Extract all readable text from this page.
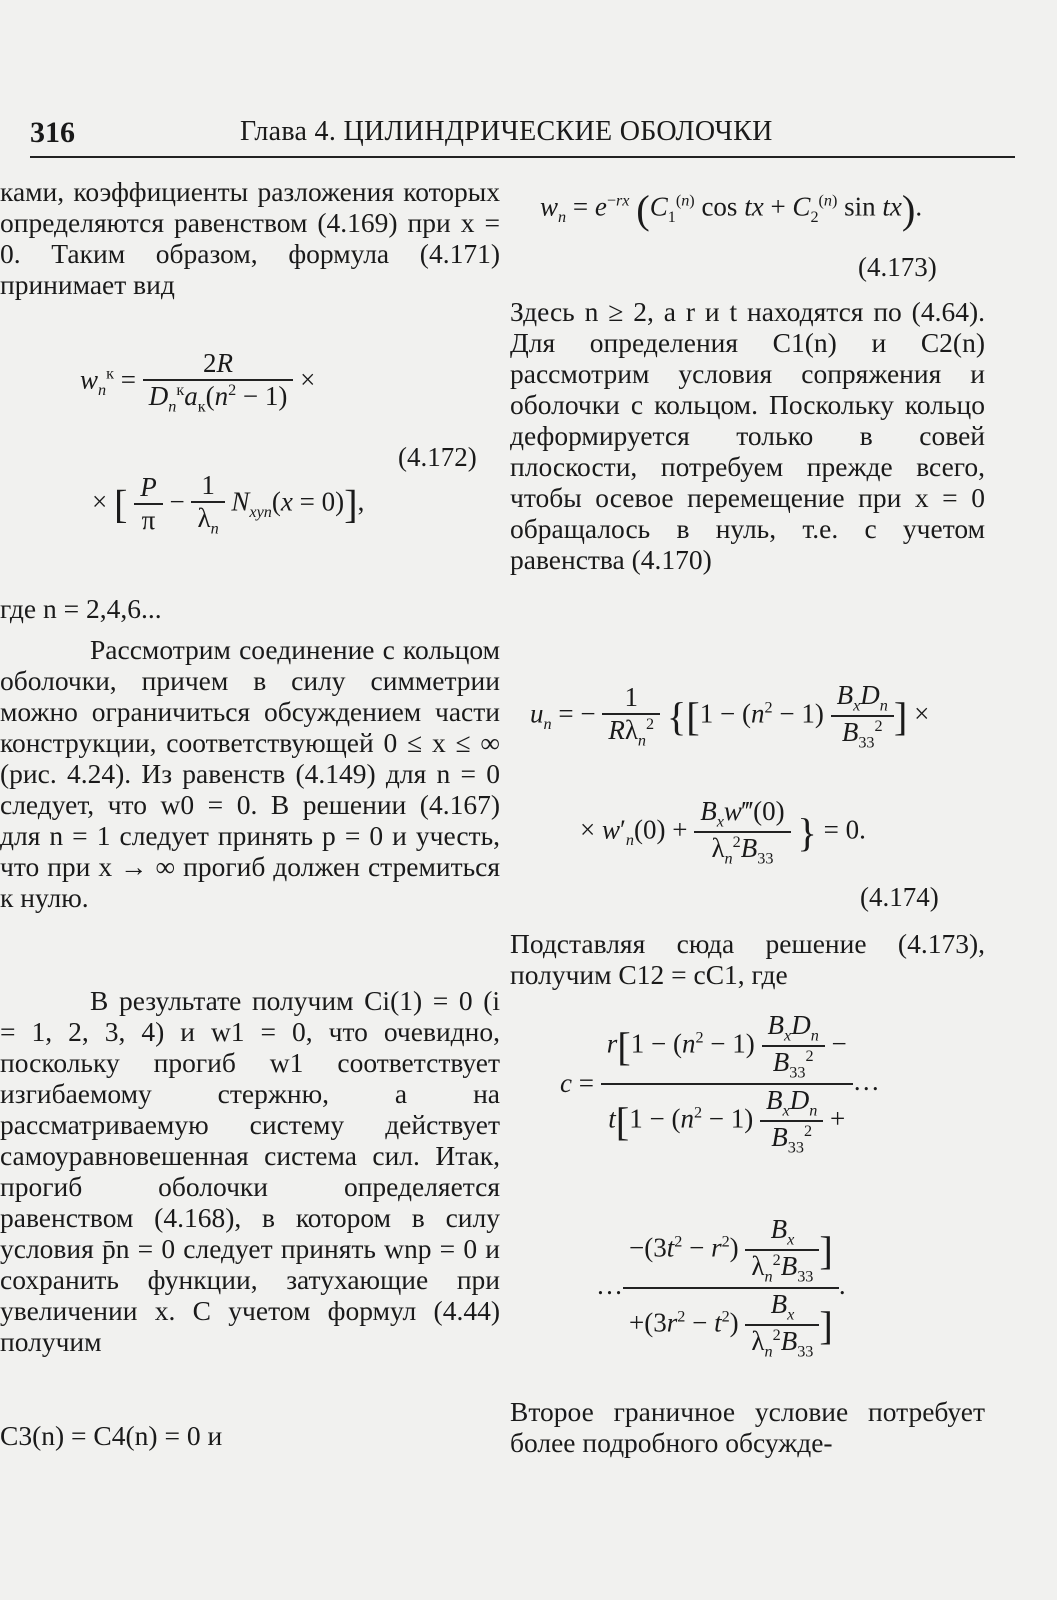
316	Глава 4. ЦИЛИНДРИЧЕСКИЕ ОБОЛОЧКИ

ками, коэффициенты разложения которых определяются равенством (4.169) при x = 0. Таким образом, формула (4.171) принимает вид

$w_n^к = \frac{2R}{D_n^кa_к(n^2 - 1)}$ ×
× [ $\frac{P}{\pi} - \frac{1}{\lambda_n} N_{xyn}(x = 0)$],
(4.172)

где n = 2,4,6...

Рассмотрим соединение с кольцом оболочки, причем в силу симметрии можно ограничиться обсуждением части конструкции, соответствующей 0 ≤ x ≤ ∞ (рис. 4.24). Из равенств (4.149) для n = 0 следует, что w0 = 0. В решении (4.167) для n = 1 следует принять p = 0 и учесть, что при x → ∞ прогиб должен стремиться к нулю.

В результате получим Ci(1) = 0 (i = 1, 2, 3, 4) и w1 = 0, что очевидно, поскольку прогиб w1 соответствует изгибаемому стержню, а на рассматриваемую систему действует самоуравновешенная система сил. Итак, прогиб оболочки определяется равенством (4.168), в котором в силу условия p̄n = 0 следует принять wnp = 0 и сохранить функции, затухающие при увеличении x. С учетом формул (4.44) получим

C3(n) = C4(n) = 0 и

$w_n = e^{-rx}$ ($C_1^{(n)}$ cos tx + $C_2^{(n)}$ sin tx).
(4.173)

Здесь n ≥ 2, а r и t находятся по (4.64). Для определения C1(n) и C2(n) рассмотрим условия сопряжения и оболочки с кольцом. Поскольку кольцо деформируется только в совей плоскости, потребуем прежде всего, чтобы осевое перемещение при x = 0 обращалось в нуль, т.е. с учетом равенства (4.170)

$u_n$ = − $\frac{1}{R\lambda_n^2} \{[1 - (n^2 - 1) \frac{B_xD_n}{B_{33}^2}$ ] ×
× $w'_n(0) + \frac{B_xw‴(0)}{\lambda_n^2B_{33}}$ } = 0.
(4.174)

Подставляя сюда решение (4.173), получим C12 = cC1, где

$c = \frac{r[1 - (n^2 - 1) \frac{B_xD_n}{B_{33}^2} -}{t[1 - (n^2 - 1) \frac{B_xD_n}{B_{33}^2} +}$ …
… $\frac{-(3t^2 - r^2) \frac{B_x}{\lambda_n^2B_{33}} ]}{+(3r^2 - t^2) \frac{B_x}{\lambda_n^2B_{33}} ]}$ .

Второе граничное условие потребует более подробного обсужде-
